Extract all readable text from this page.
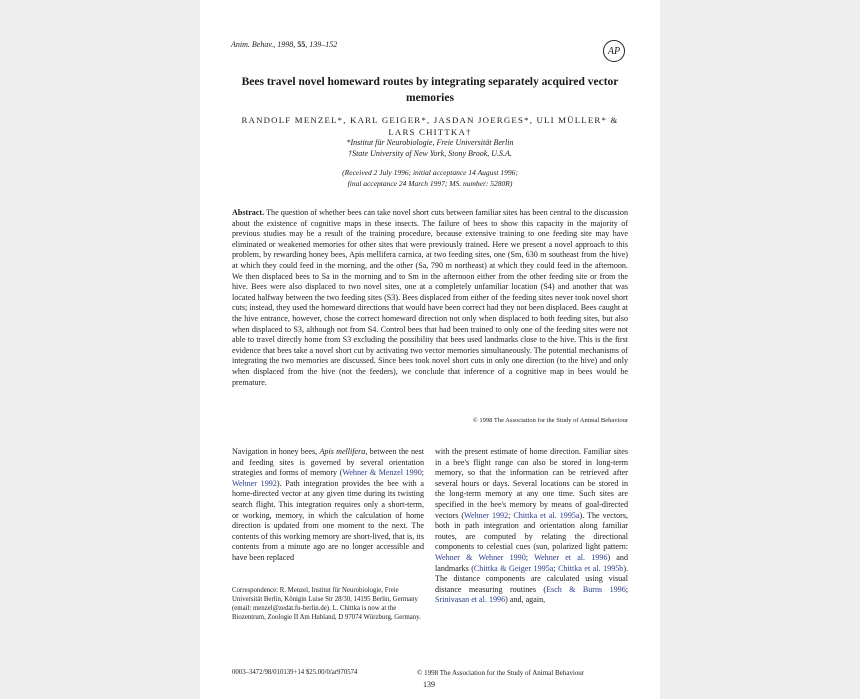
Anim. Behav., 1998, 55, 139–152
AP
Bees travel novel homeward routes by integrating separately acquired vector memories
RANDOLF MENZEL*, KARL GEIGER*, JASDAN JOERGES*, ULI MÜLLER* & LARS CHITTKA†
*Institut für Neurobiologie, Freie Universität Berlin
†State University of New York, Stony Brook, U.S.A.
(Received 2 July 1996; initial acceptance 14 August 1996;
final acceptance 24 March 1997; MS. number: 5280R)
Abstract. The question of whether bees can take novel short cuts between familiar sites has been central to the discussion about the existence of cognitive maps in these insects. The failure of bees to show this capacity in the majority of previous studies may be a result of the training procedure, because extensive training to one feeding site may have eliminated or weakened memories for other sites that were previously trained. Here we present a novel approach to this problem, by rewarding honey bees, Apis mellifera carnica, at two feeding sites, one (Sm, 630 m southeast from the hive) at which they could feed in the morning, and the other (Sa, 790 m northeast) at which they could feed in the afternoon. We then displaced bees to Sa in the morning and to Sm in the afternoon either from the other feeding site or from the hive. Bees were also displaced to two novel sites, one at a completely unfamiliar location (S4) and another that was located halfway between the two feeding sites (S3). Bees displaced from either of the feeding sites never took novel short cuts; instead, they used the homeward directions that would have been correct had they not been displaced. Bees caught at the hive entrance, however, chose the correct homeward direction not only when displaced to both feeding sites, but also when displaced to S3, although not from S4. Control bees that had been trained to only one of the feeding sites were not able to travel directly home from S3 excluding the possibility that bees used landmarks close to the hive. This is the first evidence that bees take a novel short cut by activating two vector memories simultaneously. The potential mechanisms of integrating the two memories are discussed. Since bees took novel short cuts in only one direction (to the hive) and only when displaced from the hive (not the feeders), we conclude that inference of a cognitive map in bees would be premature.
© 1998 The Association for the Study of Animal Behaviour
Navigation in honey bees, Apis mellifera, between the nest and feeding sites is governed by several orientation strategies and forms of memory (Wehner & Menzel 1990; Wehner 1992). Path integration provides the bee with a home-directed vector at any given time during its twisting search flight. This integration requires only a short-term, or working, memory, in which the calculation of home direction is updated from one moment to the next. The contents of this working memory are short-lived, that is, its contents from a minute ago are no longer accessible and have been replaced
with the present estimate of home direction. Familiar sites in a bee's flight range can also be stored in long-term memory, so that the information can be retrieved after several hours or days. Several locations can be stored in the long-term memory at any one time. Such sites are specified in the bee's memory by means of goal-directed vectors (Wehner 1992; Chittka et al. 1995a). The vectors, both in path integration and orientation along familiar routes, are computed by relating the directional components to celestial cues (sun, polarized light pattern: Wehner & Wehner 1990; Wehner et al. 1996) and landmarks (Chittka & Geiger 1995a; Chittka et al. 1995b). The distance components are calculated using visual distance measuring routines (Esch & Burns 1996; Srinivasan et al. 1996) and, again,
Correspondence: R. Menzel, Institut für Neurobiologie, Freie Universität Berlin, Königin Luise Str 28/30, 14195 Berlin, Germany (email: menzel@zedat.fu-berlin.de). L. Chittka is now at the Biozentrum, Zoologie II Am Hubland, D 97074 Würzburg, Germany.
0003–3472/98/010139+14 $25.00/0/ar970574	© 1998 The Association for the Study of Animal Behaviour
139
